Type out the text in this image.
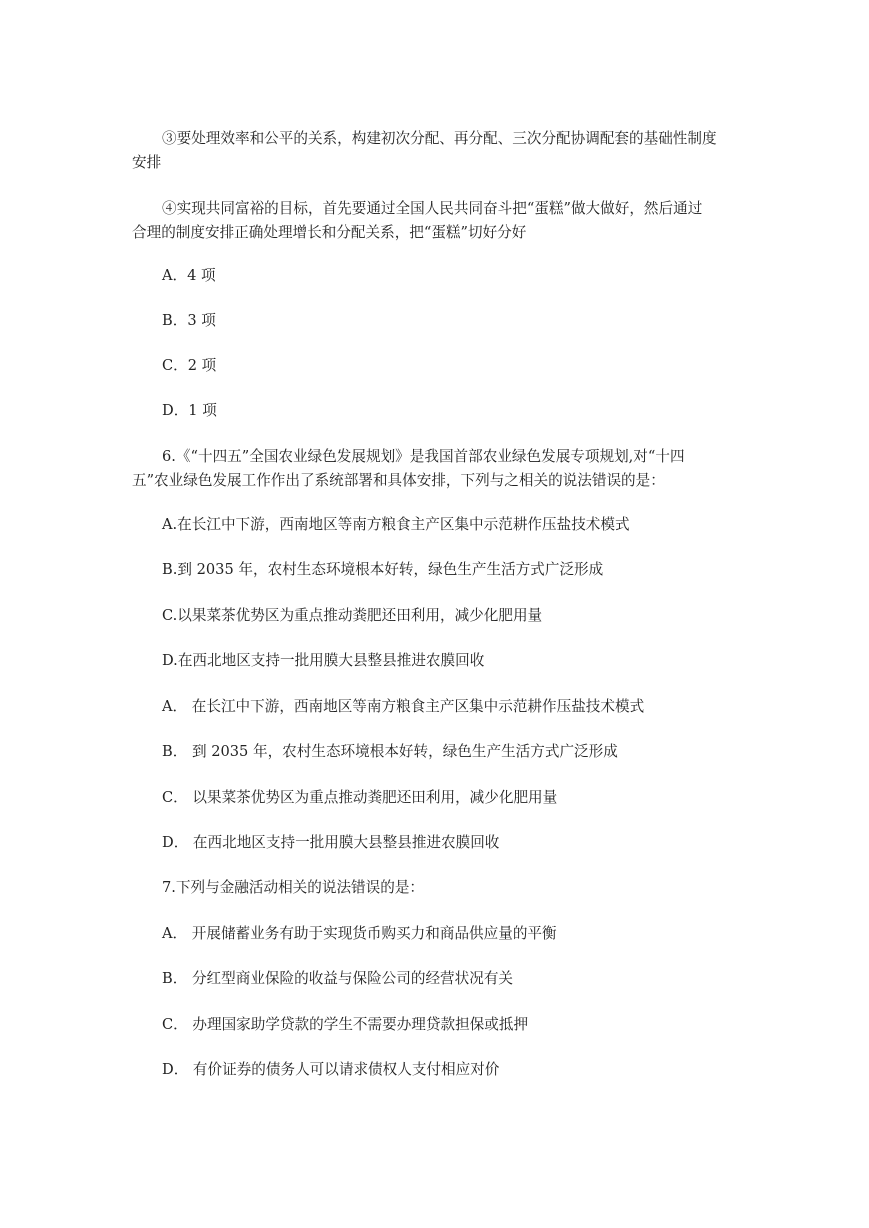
③要处理效率和公平的关系，构建初次分配、再分配、三次分配协调配套的基础性制度
安排
④实现共同富裕的目标，首先要通过全国人民共同奋斗把“蛋糕”做大做好，然后通过
合理的制度安排正确处理增长和分配关系，把“蛋糕”切好分好
A．4 项
B．3 项
C．2 项
D．1 项
6.《“十四五”全国农业绿色发展规划》是我国首部农业绿色发展专项规划,对“十四
五”农业绿色发展工作作出了系统部署和具体安排，下列与之相关的说法错误的是：
A.在长江中下游，西南地区等南方粮食主产区集中示范耕作压盐技术模式
B.到 2035 年，农村生态环境根本好转，绿色生产生活方式广泛形成
C.以果菜茶优势区为重点推动粪肥还田利用，减少化肥用量
D.在西北地区支持一批用膜大县整县推进农膜回收
A． 在长江中下游，西南地区等南方粮食主产区集中示范耕作压盐技术模式
B． 到 2035 年，农村生态环境根本好转，绿色生产生活方式广泛形成
C． 以果菜茶优势区为重点推动粪肥还田利用，减少化肥用量
D． 在西北地区支持一批用膜大县整县推进农膜回收
7.下列与金融活动相关的说法错误的是：
A． 开展储蓄业务有助于实现货币购买力和商品供应量的平衡
B． 分红型商业保险的收益与保险公司的经营状况有关
C． 办理国家助学贷款的学生不需要办理贷款担保或抵押
D． 有价证券的债务人可以请求债权人支付相应对价
